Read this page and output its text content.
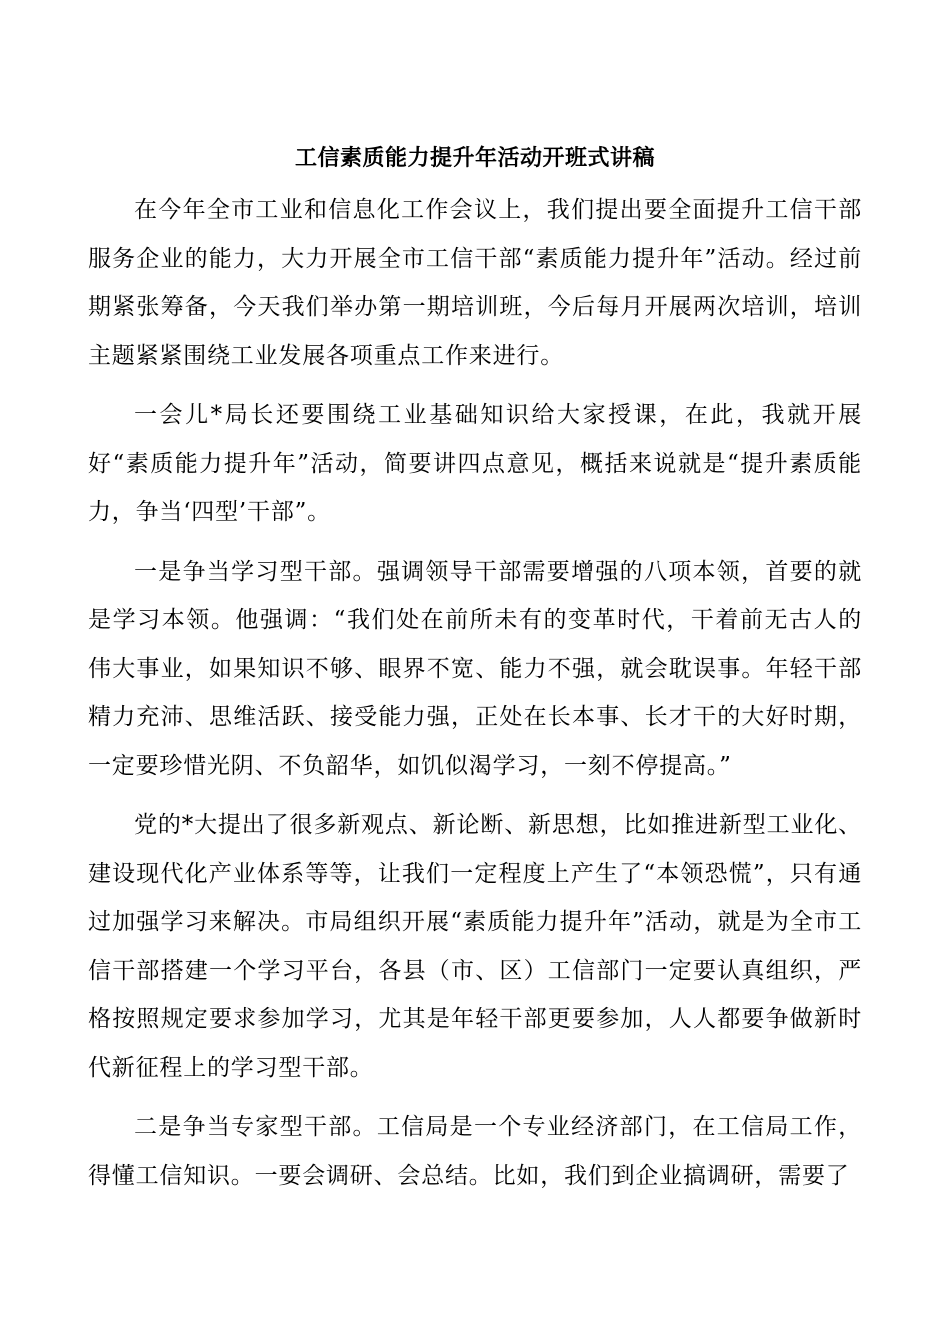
工信素质能力提升年活动开班式讲稿

在今年全市工业和信息化工作会议上，我们提出要全面提升工信干部服务企业的能力，大力开展全市工信干部“素质能力提升年”活动。经过前期紧张筹备，今天我们举办第一期培训班，今后每月开展两次培训，培训主题紧紧围绕工业发展各项重点工作来进行。

一会儿*局长还要围绕工业基础知识给大家授课，在此，我就开展好“素质能力提升年”活动，简要讲四点意见，概括来说就是“提升素质能力，争当‘四型’干部”。

一是争当学习型干部。强调领导干部需要增强的八项本领，首要的就是学习本领。他强调：“我们处在前所未有的变革时代，干着前无古人的伟大事业，如果知识不够、眼界不宽、能力不强，就会耽误事。年轻干部精力充沛、思维活跃、接受能力强，正处在长本事、长才干的大好时期，一定要珍惜光阴、不负韶华，如饥似渴学习，一刻不停提高。”

党的*大提出了很多新观点、新论断、新思想，比如推进新型工业化、建设现代化产业体系等等，让我们一定程度上产生了“本领恐慌”，只有通过加强学习来解决。市局组织开展“素质能力提升年”活动，就是为全市工信干部搭建一个学习平台，各县（市、区）工信部门一定要认真组织，严格按照规定要求参加学习，尤其是年轻干部更要参加，人人都要争做新时代新征程上的学习型干部。

二是争当专家型干部。工信局是一个专业经济部门，在工信局工作，得懂工信知识。一要会调研、会总结。比如，我们到企业搞调研，需要了
